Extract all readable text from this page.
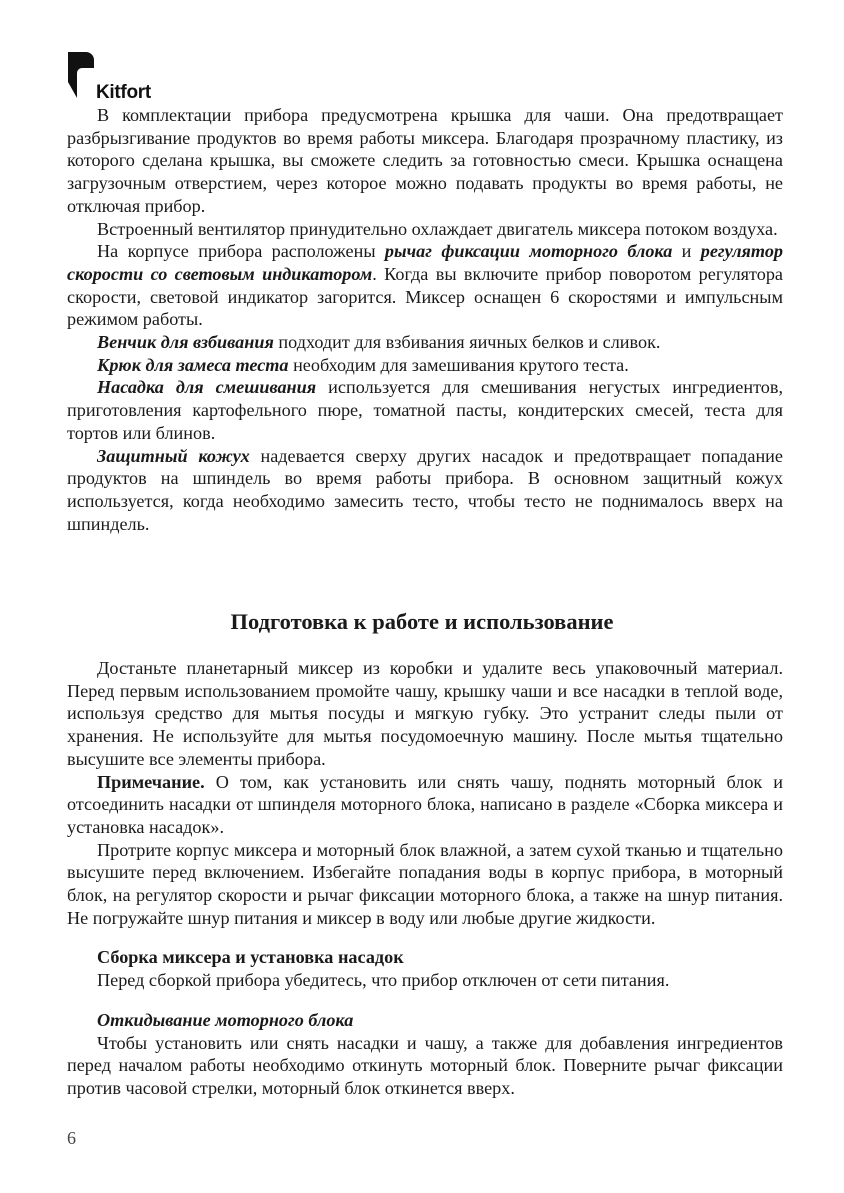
Kitfort

В комплектации прибора предусмотрена крышка для чаши. Она предотвращает разбрызгивание продуктов во время работы миксера. Благодаря прозрачному пластику, из которого сделана крышка, вы сможете следить за готовностью смеси. Крышка оснащена загрузочным отверстием, через которое можно подавать продукты во время работы, не отключая прибор.

Встроенный вентилятор принудительно охлаждает двигатель миксера потоком воздуха.

На корпусе прибора расположены рычаг фиксации моторного блока и регулятор скорости со световым индикатором. Когда вы включите прибор поворотом регулятора скорости, световой индикатор загорится. Миксер оснащен 6 скоростями и импульсным режимом работы.

Венчик для взбивания подходит для взбивания яичных белков и сливок.

Крюк для замеса теста необходим для замешивания крутого теста.

Насадка для смешивания используется для смешивания негустых ингредиентов, приготовления картофельного пюре, томатной пасты, кондитерских смесей, теста для тортов или блинов.

Защитный кожух надевается сверху других насадок и предотвращает попадание продуктов на шпиндель во время работы прибора. В основном защитный кожух используется, когда необходимо замесить тесто, чтобы тесто не поднималось вверх на шпиндель.

Подготовка к работе и использование

Достаньте планетарный миксер из коробки и удалите весь упаковочный материал. Перед первым использованием промойте чашу, крышку чаши и все насадки в теплой воде, используя средство для мытья посуды и мягкую губку. Это устранит следы пыли от хранения. Не используйте для мытья посудомоечную машину. После мытья тщательно высушите все элементы прибора.

Примечание. О том, как установить или снять чашу, поднять моторный блок и отсоединить насадки от шпинделя моторного блока, написано в разделе «Сборка миксера и установка насадок».

Протрите корпус миксера и моторный блок влажной, а затем сухой тканью и тщательно высушите перед включением. Избегайте попадания воды в корпус прибора, в моторный блок, на регулятор скорости и рычаг фиксации моторного блока, а также на шнур питания. Не погружайте шнур питания и миксер в воду или любые другие жидкости.

Сборка миксера и установка насадок

Перед сборкой прибора убедитесь, что прибор отключен от сети питания.

Откидывание моторного блока

Чтобы установить или снять насадки и чашу, а также для добавления ингредиентов перед началом работы необходимо откинуть моторный блок. Поверните рычаг фиксации против часовой стрелки, моторный блок откинется вверх.

6
